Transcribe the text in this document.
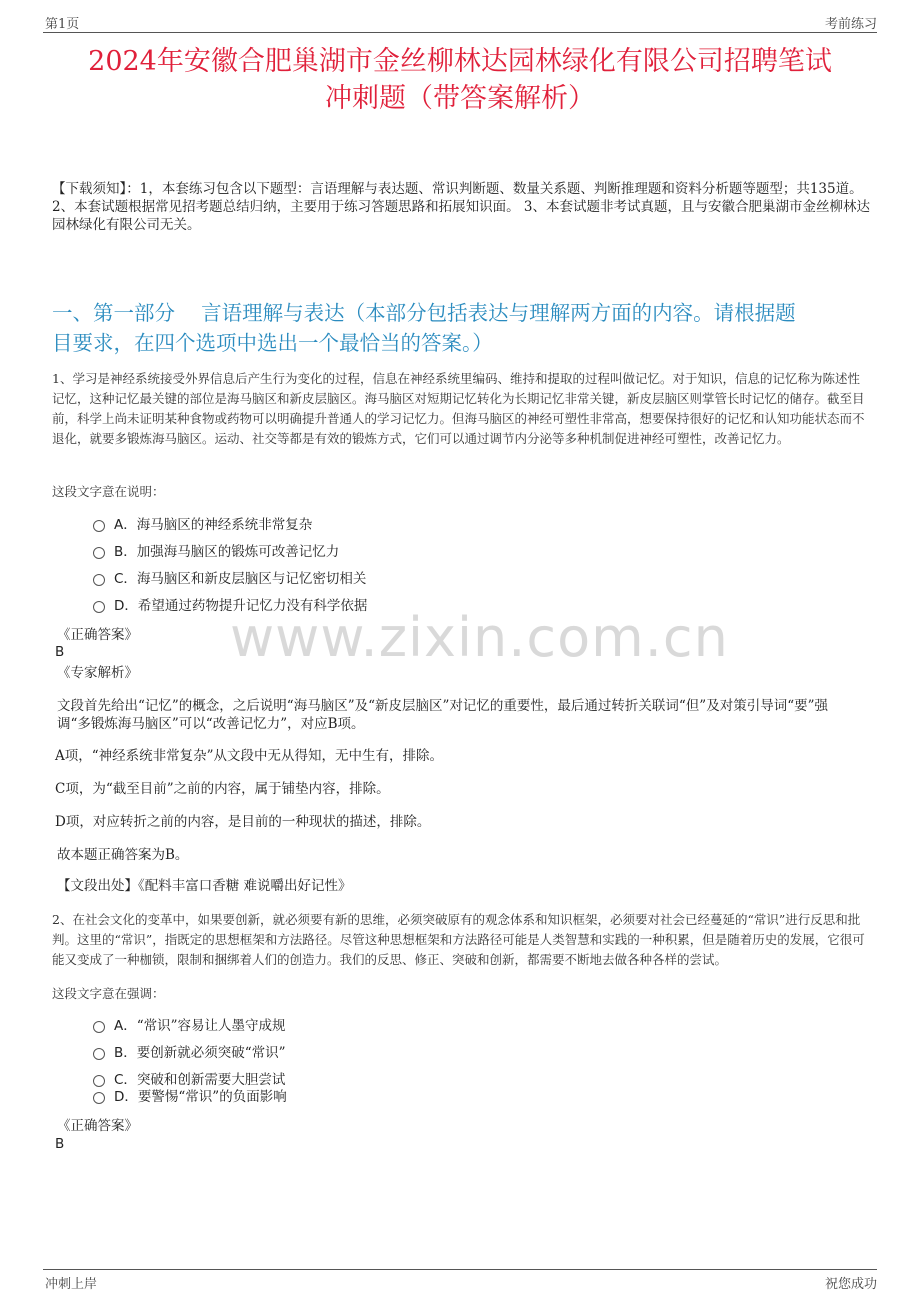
第1页	考前练习
2024年安徽合肥巢湖市金丝柳林达园林绿化有限公司招聘笔试
冲刺题（带答案解析）
【下载须知】：1，本套练习包含以下题型：言语理解与表达题、常识判断题、数量关系题、判断推理题和资料分析题等题型；共135道。 2、本套试题根据常见招考题总结归纳，主要用于练习答题思路和拓展知识面。 3、本套试题非考试真题，且与安徽合肥巢湖市金丝柳林达园林绿化有限公司无关。
一、第一部分    言语理解与表达（本部分包括表达与理解两方面的内容。请根据题
目要求，在四个选项中选出一个最恰当的答案。）
www.zixin.com.cn
1、学习是神经系统接受外界信息后产生行为变化的过程，信息在神经系统里编码、维持和提取的过程叫做记忆。对于知识，信息的记忆称为陈述性记忆，这种记忆最关键的部位是海马脑区和新皮层脑区。海马脑区对短期记忆转化为长期记忆非常关键，新皮层脑区则掌管长时记忆的储存。截至目前，科学上尚未证明某种食物或药物可以明确提升普通人的学习记忆力。但海马脑区的神经可塑性非常高，想要保持很好的记忆和认知功能状态而不退化，就要多锻炼海马脑区。运动、社交等都是有效的锻炼方式，它们可以通过调节内分泌等多种机制促进神经可塑性，改善记忆力。
这段文字意在说明：
A．海马脑区的神经系统非常复杂
B．加强海马脑区的锻炼可改善记忆力
C．海马脑区和新皮层脑区与记忆密切相关
D．希望通过药物提升记忆力没有科学依据
《正确答案》
B
《专家解析》
文段首先给出“记忆”的概念，之后说明“海马脑区”及“新皮层脑区”对记忆的重要性，最后通过转折关联词“但”及对策引导词“要”强调“多锻炼海马脑区”可以“改善记忆力”，对应B项。
A项，“神经系统非常复杂”从文段中无从得知，无中生有，排除。
C项，为“截至目前”之前的内容，属于铺垫内容，排除。
D项，对应转折之前的内容，是目前的一种现状的描述，排除。
故本题正确答案为B。
【文段出处】《配料丰富口香糖 难说嚼出好记性》
2、在社会文化的变革中，如果要创新，就必须要有新的思维，必须突破原有的观念体系和知识框架，必须要对社会已经蔓延的“常识”进行反思和批判。这里的“常识”，指既定的思想框架和方法路径。尽管这种思想框架和方法路径可能是人类智慧和实践的一种积累，但是随着历史的发展，它很可能又变成了一种枷锁，限制和捆绑着人们的创造力。我们的反思、修正、突破和创新，都需要不断地去做各种各样的尝试。
这段文字意在强调：
A．“常识”容易让人墨守成规
B．要创新就必须突破“常识”
C．突破和创新需要大胆尝试
D．要警惕“常识”的负面影响
《正确答案》
B
冲刺上岸	祝您成功
